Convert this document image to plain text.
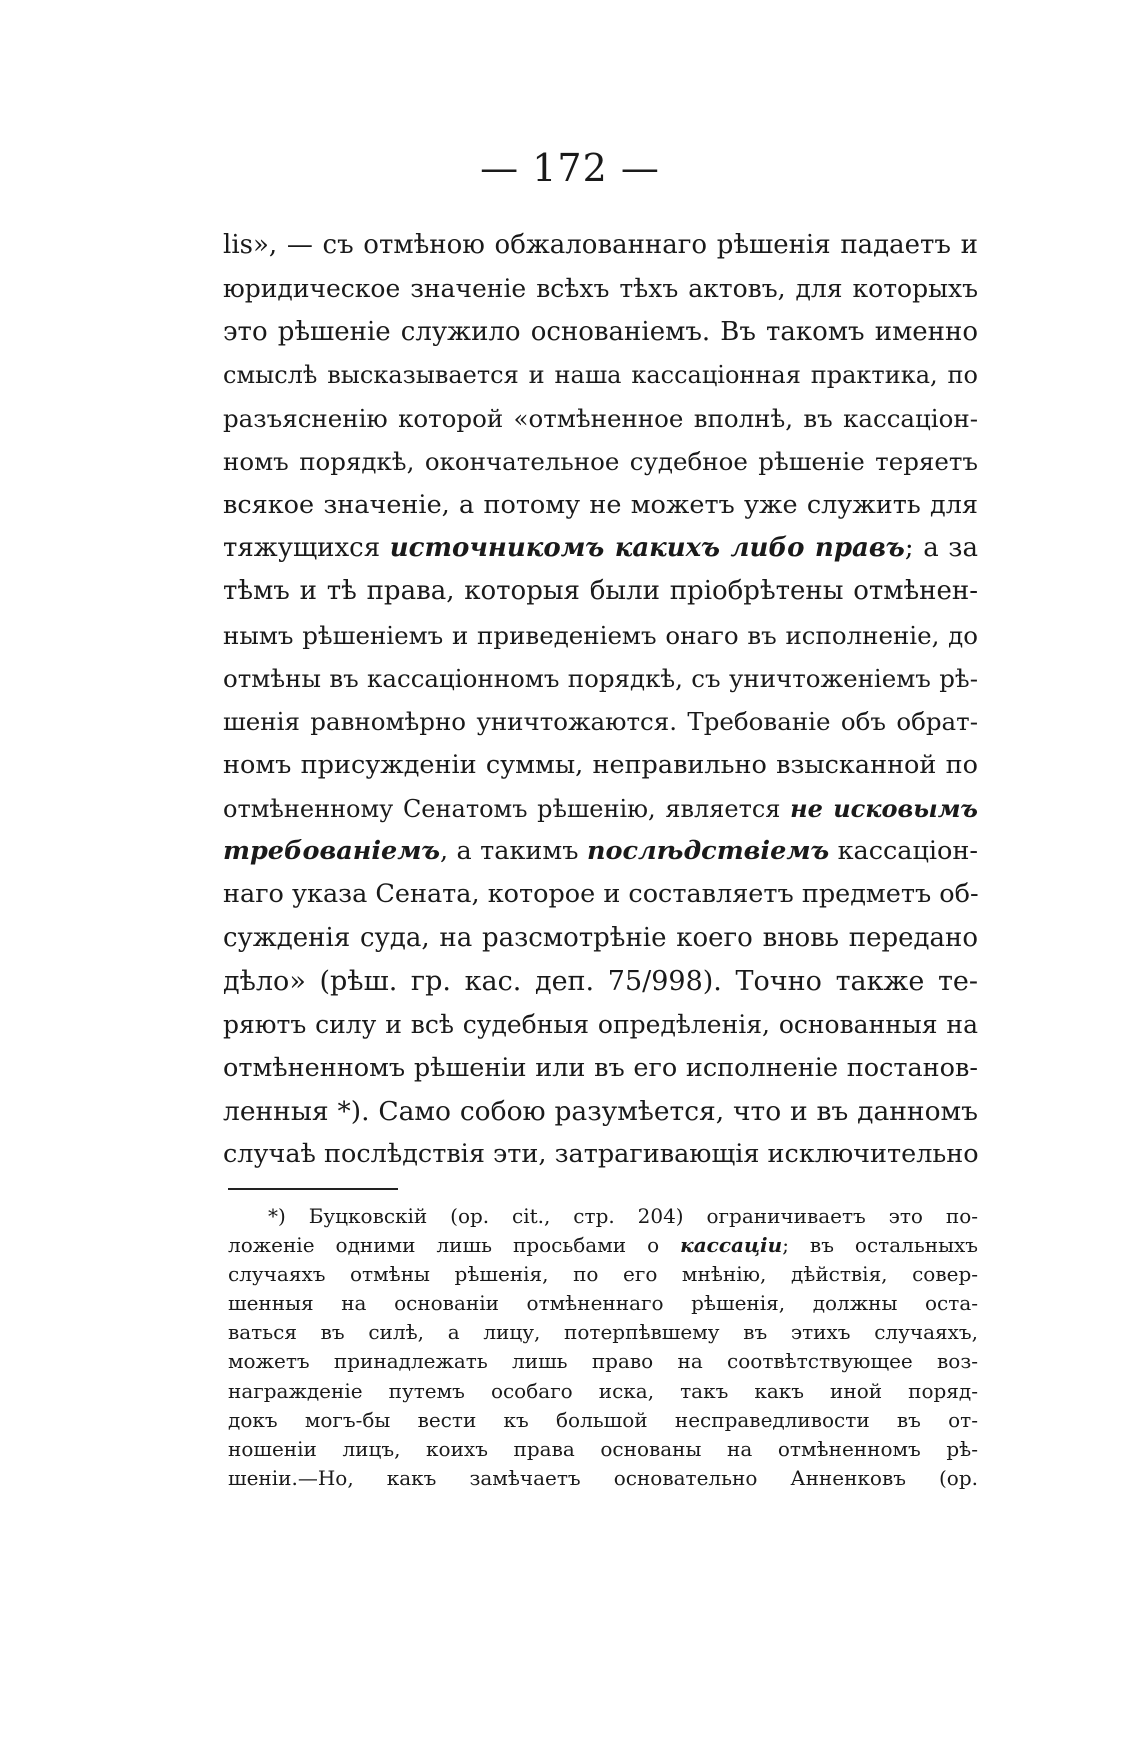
— 172 —
lis», — съ отмѣною обжалованнаго рѣшенія падаетъ и
юридическое значеніе всѣхъ тѣхъ актовъ, для которыхъ
это рѣшеніе служило основаніемъ. Въ такомъ именно
смыслѣ высказывается и наша кассаціонная практика, по
разъясненію которой «отмѣненное вполнѣ, въ кассаціон-
номъ порядкѣ, окончательное судебное рѣшеніе теряетъ
всякое значеніе, а потому не можетъ уже служить для
тяжущихся источникомъ какихъ либо правъ; а за
тѣмъ и тѣ права, которыя были пріобрѣтены отмѣнен-
нымъ рѣшеніемъ и приведеніемъ онаго въ исполненіе, до
отмѣны въ кассаціонномъ порядкѣ, съ уничтоженіемъ рѣ-
шенія равномѣрно уничтожаются. Требованіе объ обрат-
номъ присужденіи суммы, неправильно взысканной по
отмѣненному Сенатомъ рѣшенію, является не исковымъ
требованіемъ, а такимъ послѣдствіемъ кассаціон-
наго указа Сената, которое и составляетъ предметъ об-
сужденія суда, на разсмотрѣніе коего вновь передано
дѣло» (рѣш. гр. кас. деп. 75/998). Точно также те-
ряютъ силу и всѣ судебныя опредѣленія, основанныя на
отмѣненномъ рѣшеніи или въ его исполненіе постанов-
ленныя *). Само собою разумѣется, что и въ данномъ
случаѣ послѣдствія эти, затрагивающія исключительно
*) Буцковскій (ор. cit., стр. 204) ограничиваетъ это по-
ложеніе одними лишь просьбами о кассаціи; въ остальныхъ
случаяхъ отмѣны рѣшенія, по его мнѣнію, дѣйствія, совер-
шенныя на основаніи отмѣненнаго рѣшенія, должны оста-
ваться въ силѣ, а лицу, потерпѣвшему въ этихъ случаяхъ,
можетъ принадлежать лишь право на соотвѣтствующее воз-
награжденіе путемъ особаго иска, такъ какъ иной поряд-
докъ могъ-бы вести къ большой несправедливости въ от-
ношеніи лицъ, коихъ права основаны на отмѣненномъ рѣ-
шеніи.—Но, какъ замѣчаетъ основательно Анненковъ (ор.
